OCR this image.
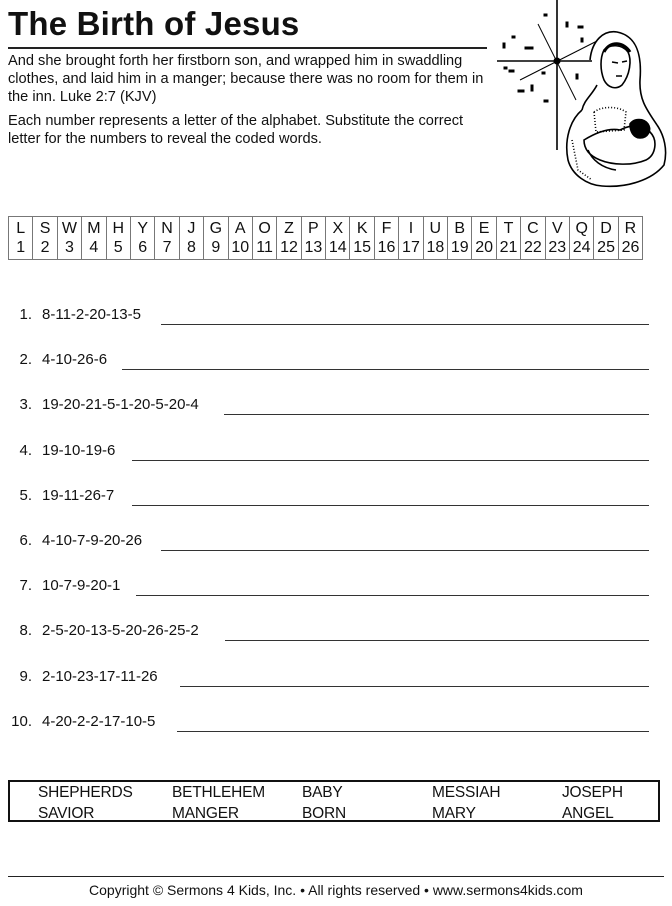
The Birth of Jesus
And she brought forth her firstborn son, and wrapped him in swaddling clothes, and laid him in a manger; because there was no room for them in the inn. Luke 2:7 (KJV)
Each number represents a letter of the alphabet. Substitute the correct letter for the numbers to reveal the coded words.
L
1

S
2

W
3

M
4

H
5

Y
6

N
7

J
8

G
9

A
10

O
11

Z
12

P
13

X
14

K
15

F
16

I
17

U
18

B
19

E
20

T
21

C
22

V
23

Q
24

D
25

R
26
1. 8-11-2-20-13-5
2. 4-10-26-6
3. 19-20-21-5-1-20-5-20-4
4. 19-10-19-6
5. 19-11-26-7
6. 4-10-7-9-20-26
7. 10-7-9-20-1
8. 2-5-20-13-5-20-26-25-2
9. 2-10-23-17-11-26
10. 4-20-2-2-17-10-5
SHEPHERDS	BETHLEHEM BABY	MESSIAH	JOSEPH
SAVIOR	MANGER	BORN	MARY	ANGEL
Copyright © Sermons 4 Kids, Inc. • All rights reserved • www.sermons4kids.com
